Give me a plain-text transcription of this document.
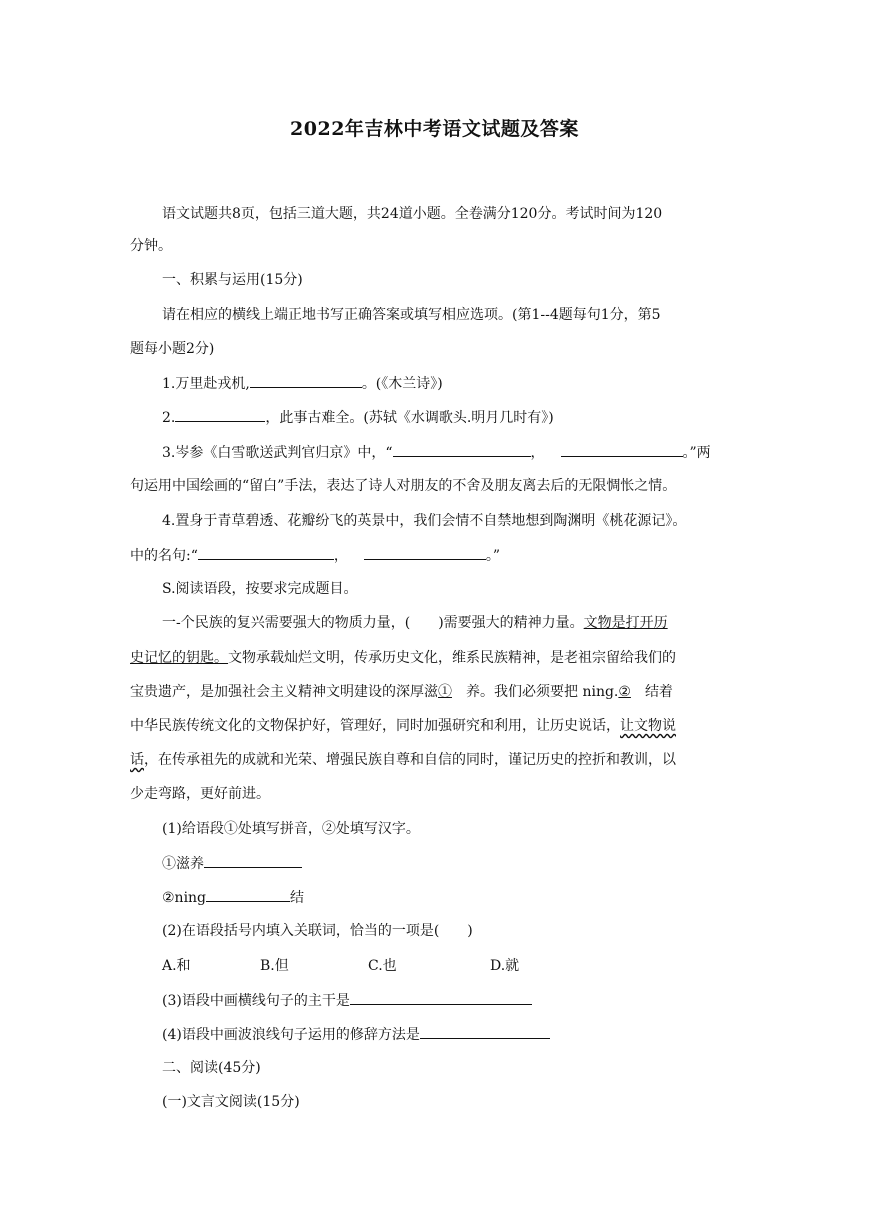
2022年吉林中考语文试题及答案
语文试题共8页，包括三道大题，共24道小题。全卷满分120分。考试时间为120
分钟。
一、积累与运用(15分)
请在相应的横线上端正地书写正确答案或填写相应选项。(第1--4题每句1分，第5
题每小题2分)
1.万里赴戎机,	。(《木兰诗》)
2.	，此事古难全。(苏轼《水调歌头.明月几时有》)
3.岑参《白雪歌送武判官归京》中，“	，	。”两
句运用中国绘画的“留白”手法，表达了诗人对朋友的不舍及朋友离去后的无限惆怅之情。
4.置身于青草碧透、花瓣纷飞的英景中，我们会情不自禁地想到陶渊明《桃花源记》。
中的名句:“	，	。”
S.阅读语段，按要求完成题目。
一-个民族的复兴需要强大的物质力量，(　　)需要强大的精神力量。文物是打开历
史记忆的钥匙。文物承载灿烂文明，传承历史文化，维系民族精神，是老祖宗留给我们的
宝贵遗产，是加强社会主义精神文明建设的深厚滋① 养。我们必须要把 ning.② 结着
中华民族传统文化的文物保护好，管理好，同时加强研究和利用，让历史说话，让文物说
话，在传承祖先的成就和光荣、增强民族自尊和自信的同时，谨记历史的控折和教训，以
少走弯路，更好前进。
(1)给语段①处填写拼音，②处填写汉字。
①滋养
②ning	结
(2)在语段括号内填入关联词，恰当的一项是(　　)
A.和	B.但	C.也	D.就
(3)语段中画横线句子的主干是
(4)语段中画波浪线句子运用的修辞方法是
二、阅读(45分)
(一)文言文阅读(15分)
